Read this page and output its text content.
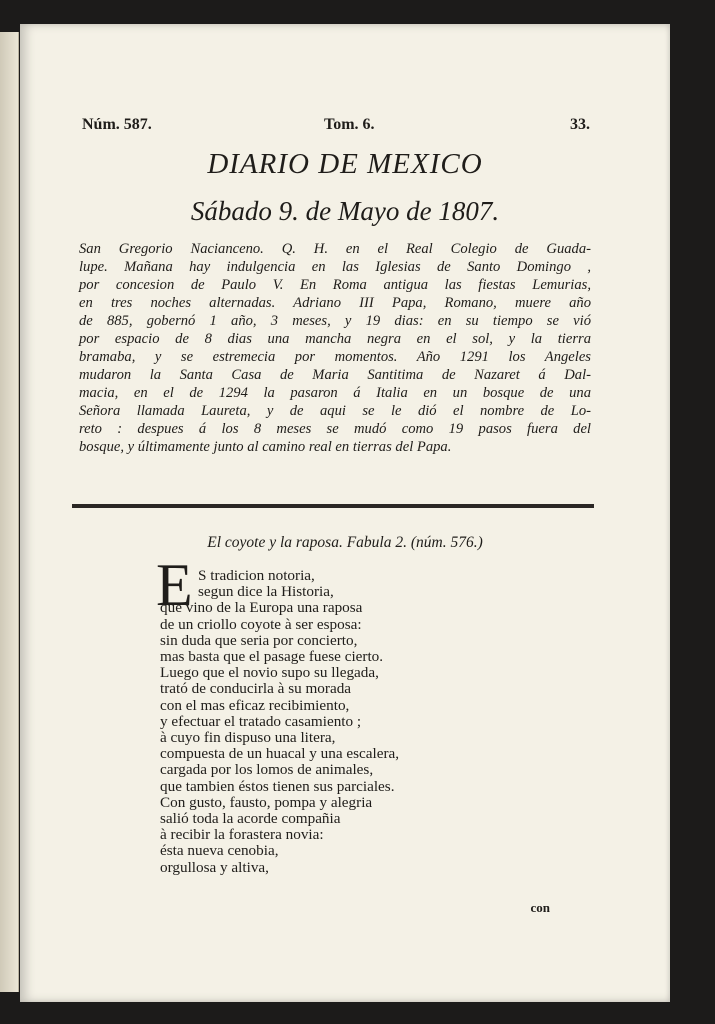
Núm. 587.	Tom. 6.	33.
DIARIO DE MEXICO
Sábado 9. de Mayo de 1807.
San Gregorio Nacianceno. Q. H. en el Real Colegio de Guada-
lupe. Mañana hay indulgencia en las Iglesias de Santo Domingo ,
por concesion de Paulo V. En Roma antigua las fiestas Lemurias,
en tres noches alternadas. Adriano III Papa, Romano, muere año
de 885, gobernó 1 año, 3 meses, y 19 dias: en su tiempo se vió
por espacio de 8 dias una mancha negra en el sol, y la tierra
bramaba, y se estremecia por momentos. Año 1291 los Angeles
mudaron la Santa Casa de Maria Santitima de Nazaret á Dal-
macia, en el de 1294 la pasaron á Italia en un bosque de una
Señora llamada Laureta, y de aqui se le dió el nombre de Lo-
reto : despues á los 8 meses se mudó como 19 pasos fuera del
bosque, y últimamente junto al camino real en tierras del Papa.
El coyote y la raposa. Fabula 2. (núm. 576.)
E S tradicion notoria,
segun dice la Historia,
que vino de la Europa una raposa
de un criollo coyote à ser esposa:
sin duda que seria por concierto,
mas basta que el pasage fuese cierto.
Luego que el novio supo su llegada,
trató de conducirla à su morada
con el mas eficaz recibimiento,
y efectuar el tratado casamiento ;
à cuyo fin dispuso una litera,
compuesta de un huacal y una escalera,
cargada por los lomos de animales,
que tambien éstos tienen sus parciales.
Con gusto, fausto, pompa y alegria
salió toda la acorde compañia
à recibir la forastera novia:
ésta nueva cenobia,
orgullosa y altiva,
con
